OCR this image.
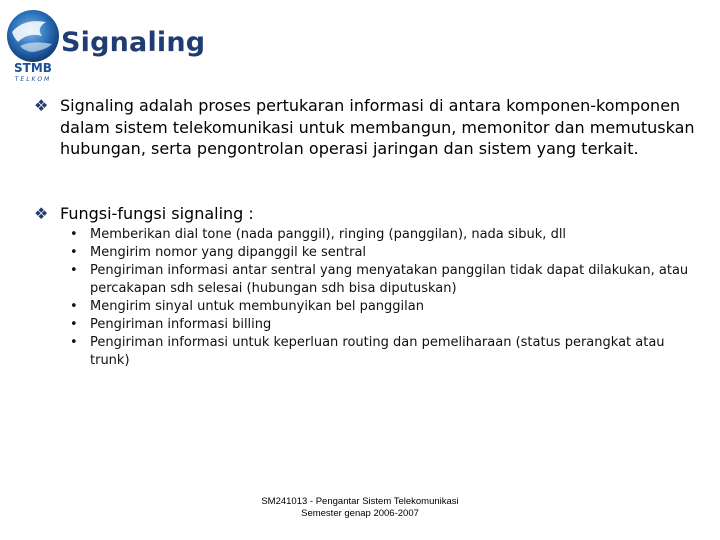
STMB
TELKOM
Signaling
❖ Signaling adalah proses pertukaran informasi di antara komponen-komponen dalam sistem telekomunikasi untuk membangun, memonitor dan memutuskan hubungan, serta pengontrolan operasi jaringan dan sistem yang terkait.
❖ Fungsi-fungsi signaling :
• Memberikan dial tone (nada panggil), ringing (panggilan), nada sibuk, dll
• Mengirim nomor yang dipanggil ke sentral
• Pengiriman informasi antar sentral yang menyatakan panggilan tidak dapat dilakukan, atau percakapan sdh selesai (hubungan sdh bisa diputuskan)
• Mengirim sinyal untuk membunyikan bel panggilan
• Pengiriman informasi billing
• Pengiriman informasi untuk keperluan routing dan pemeliharaan (status perangkat atau trunk)
SM241013 - Pengantar Sistem Telekomunikasi
Semester genap 2006-2007
